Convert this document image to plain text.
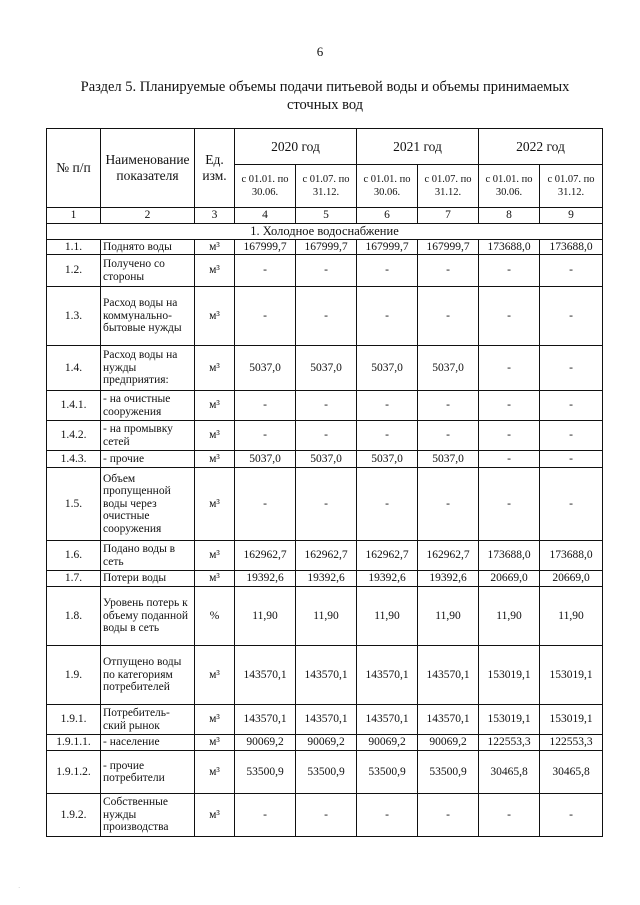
6
Раздел 5. Планируемые объемы подачи питьевой воды и объемы принимаемых сточных вод
№ п/п	Наименование показателя	Ед. изм.	2020 год		2021 год		2022 год	
			с 01.01. по 30.06.	с 01.07. по 31.12.	с 01.01. по 30.06.	с 01.07. по 31.12.	с 01.01. по 30.06.	с 01.07. по 31.12.
1	2	3	4	5	6	7	8	9
1. Холодное водоснабжение								
1.1.	Поднято воды	м³	167999,7	167999,7	167999,7	167999,7	173688,0	173688,0
1.2.	Получено со стороны	м³	-	-	-	-	-	-
1.3.	Расход воды на коммунально-бытовые нужды	м³	-	-	-	-	-	-
1.4.	Расход воды на нужды предприятия:	м³	5037,0	5037,0	5037,0	5037,0	-	-
1.4.1.	- на очистные сооружения	м³	-	-	-	-	-	-
1.4.2.	- на промывку сетей	м³	-	-	-	-	-	-
1.4.3.	- прочие	м³	5037,0	5037,0	5037,0	5037,0	-	-
1.5.	Объем пропущенной воды через очистные сооружения	м³	-	-	-	-	-	-
1.6.	Подано воды в сеть	м³	162962,7	162962,7	162962,7	162962,7	173688,0	173688,0
1.7.	Потери воды	м³	19392,6	19392,6	19392,6	19392,6	20669,0	20669,0
1.8.	Уровень потерь к объему поданной воды в сеть	%	11,90	11,90	11,90	11,90	11,90	11,90
1.9.	Отпущено воды по категориям потребителей	м³	143570,1	143570,1	143570,1	143570,1	153019,1	153019,1
1.9.1.	Потребитель-ский рынок	м³	143570,1	143570,1	143570,1	143570,1	153019,1	153019,1
1.9.1.1.	- население	м³	90069,2	90069,2	90069,2	90069,2	122553,3	122553,3
1.9.1.2.	- прочие потребители	м³	53500,9	53500,9	53500,9	53500,9	30465,8	30465,8
1.9.2.	Собственные нужды производства	м³	-	-	-	-	-	-
·
